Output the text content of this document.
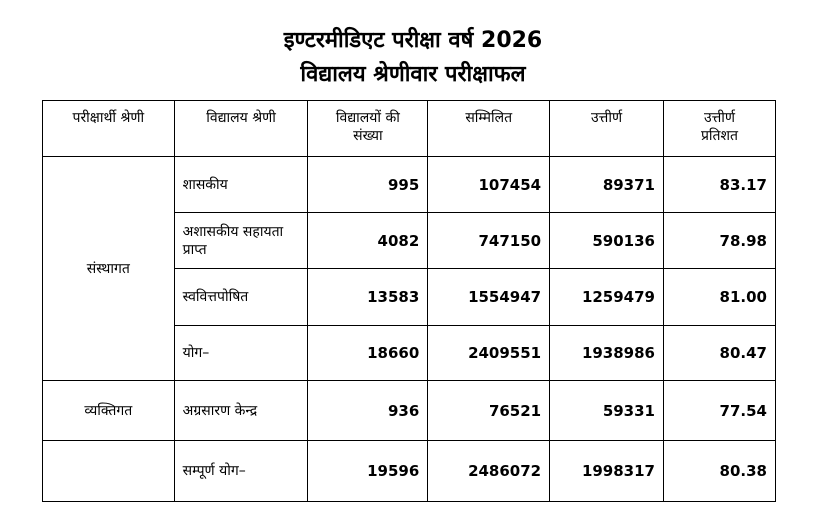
इण्टरमीडिएट परीक्षा वर्ष 2026
विद्यालय श्रेणीवार परीक्षाफल
परीक्षार्थी श्रेणी	विद्यालय श्रेणी	विद्यालयों की संख्या	सम्मिलित	उत्तीर्ण	उत्तीर्ण प्रतिशत
संस्थागत	शासकीय	995	107454	89371	83.17
	अशासकीय सहायता प्राप्त	4082	747150	590136	78.98
	स्ववित्तपोषित	13583	1554947	1259479	81.00
	योग–	18660	2409551	1938986	80.47
व्यक्तिगत	अग्रसारण केन्द्र	936	76521	59331	77.54
	सम्पूर्ण योग–	19596	2486072	1998317	80.38
